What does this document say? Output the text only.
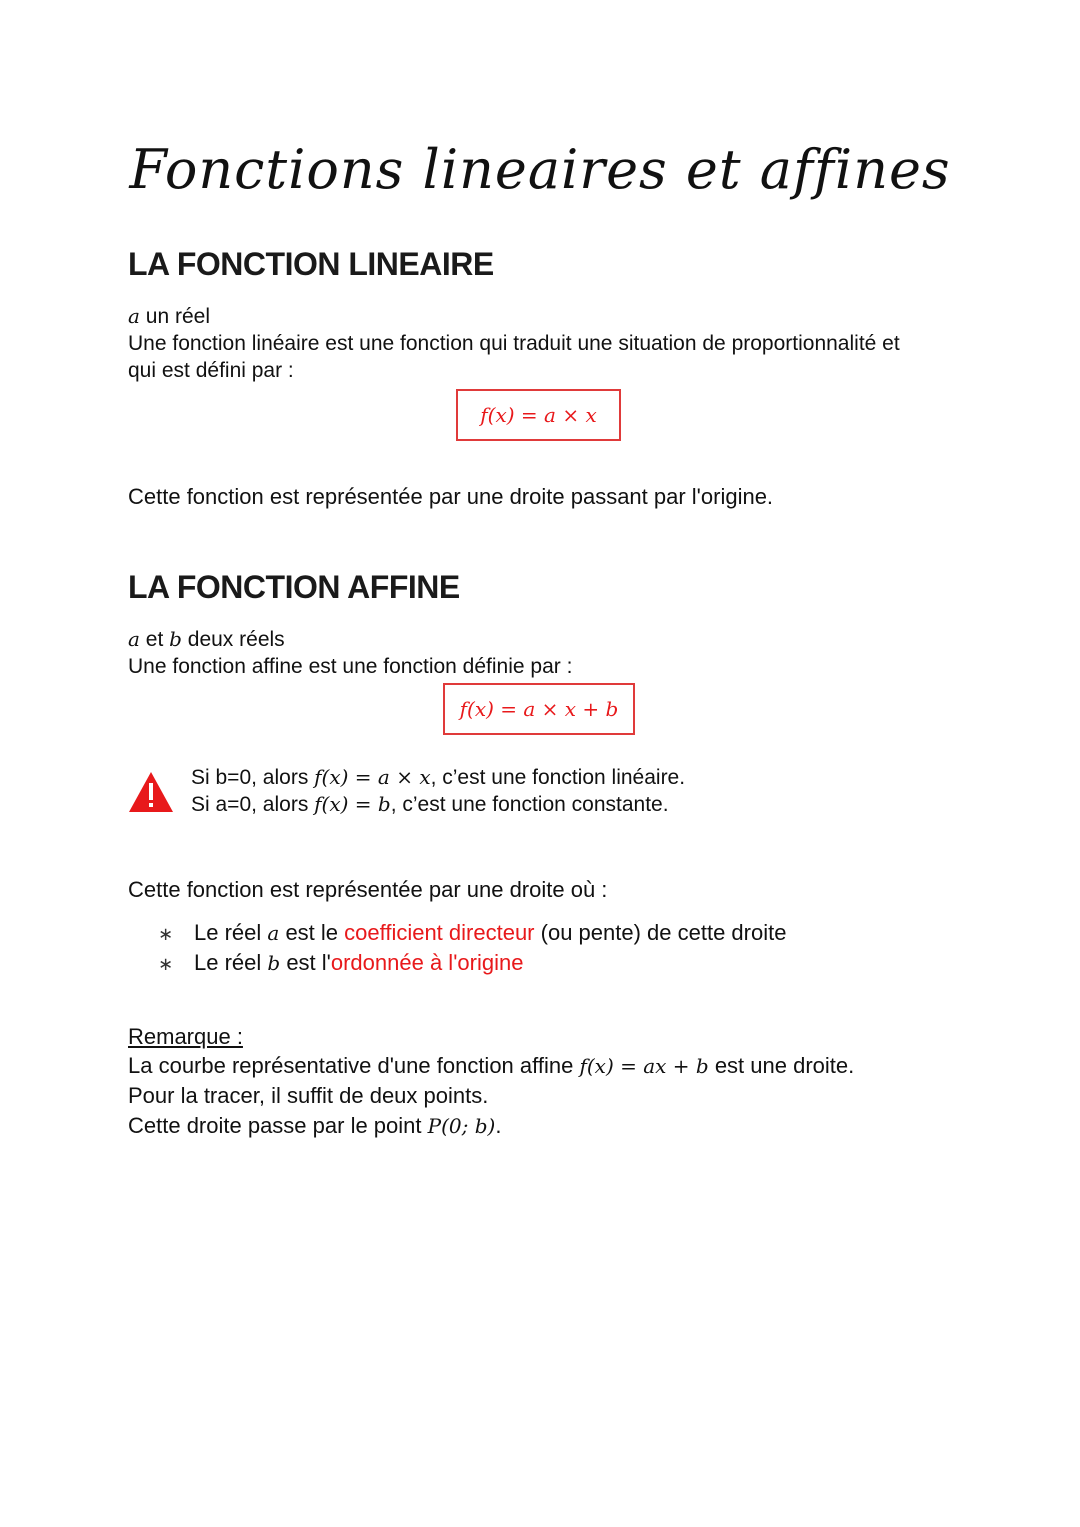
Fonctions lineaires et affines
LA FONCTION LINEAIRE
a un réel
Une fonction linéaire est une fonction qui traduit une situation de proportionnalité et
qui est défini par :
f(x) = a × x
Cette fonction est représentée par une droite passant par l'origine.
LA FONCTION AFFINE
a et b deux réels
Une fonction affine est une fonction définie par :
f(x) = a × x + b
Si b=0, alors f(x) = a × x, c’est une fonction linéaire.
Si a=0, alors f(x) = b, c’est une fonction constante.
Cette fonction est représentée par une droite où :
∗ Le réel a est le coefficient directeur (ou pente) de cette droite
∗ Le réel b est l'ordonnée à l'origine
Remarque :
La courbe représentative d'une fonction affine f(x) = ax + b est une droite.
Pour la tracer, il suffit de deux points.
Cette droite passe par le point P(0; b).
